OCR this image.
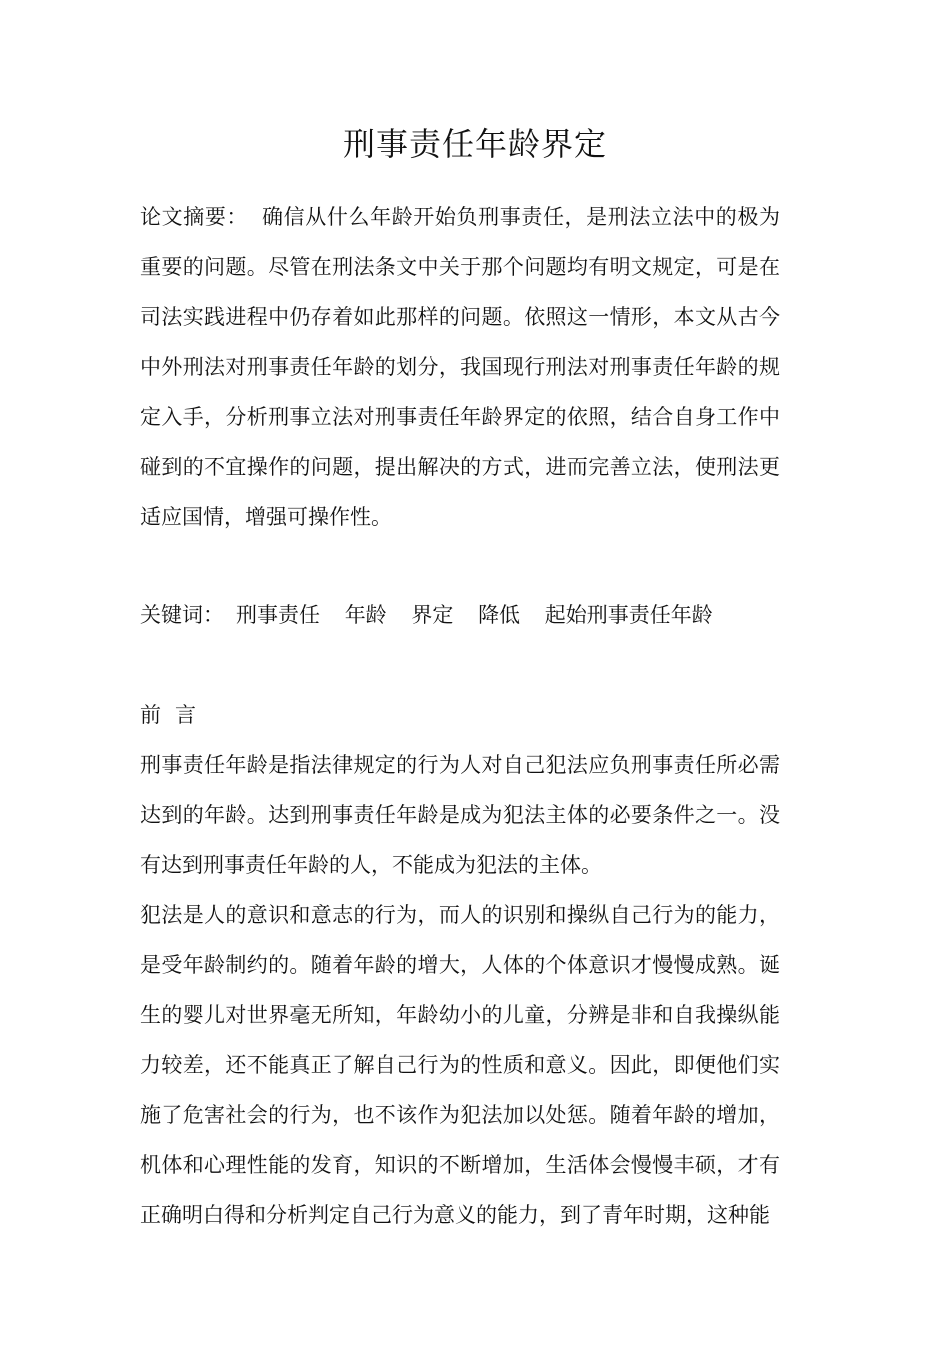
刑事责任年龄界定
论文摘要： 确信从什么年龄开始负刑事责任，是刑法立法中的极为重要的问题。尽管在刑法条文中关于那个问题均有明文规定，可是在司法实践进程中仍存着如此那样的问题。依照这一情形，本文从古今中外刑法对刑事责任年龄的划分，我国现行刑法对刑事责任年龄的规定入手，分析刑事立法对刑事责任年龄界定的依照，结合自身工作中碰到的不宜操作的问题，提出解决的方式，进而完善立法，使刑法更适应国情，增强可操作性。
关键词： 刑事责任 年龄 界定 降低 起始刑事责任年龄
前言
刑事责任年龄是指法律规定的行为人对自己犯法应负刑事责任所必需达到的年龄。达到刑事责任年龄是成为犯法主体的必要条件之一。没有达到刑事责任年龄的人，不能成为犯法的主体。
犯法是人的意识和意志的行为，而人的识别和操纵自己行为的能力，是受年龄制约的。随着年龄的增大，人体的个体意识才慢慢成熟。诞生的婴儿对世界毫无所知，年龄幼小的儿童，分辨是非和自我操纵能力较差，还不能真正了解自己行为的性质和意义。因此，即便他们实施了危害社会的行为，也不该作为犯法加以处惩。随着年龄的增加，机体和心理性能的发育，知识的不断增加，生活体会慢慢丰硕，才有正确明白得和分析判定自己行为意义的能力，到了青年时期，这种能
